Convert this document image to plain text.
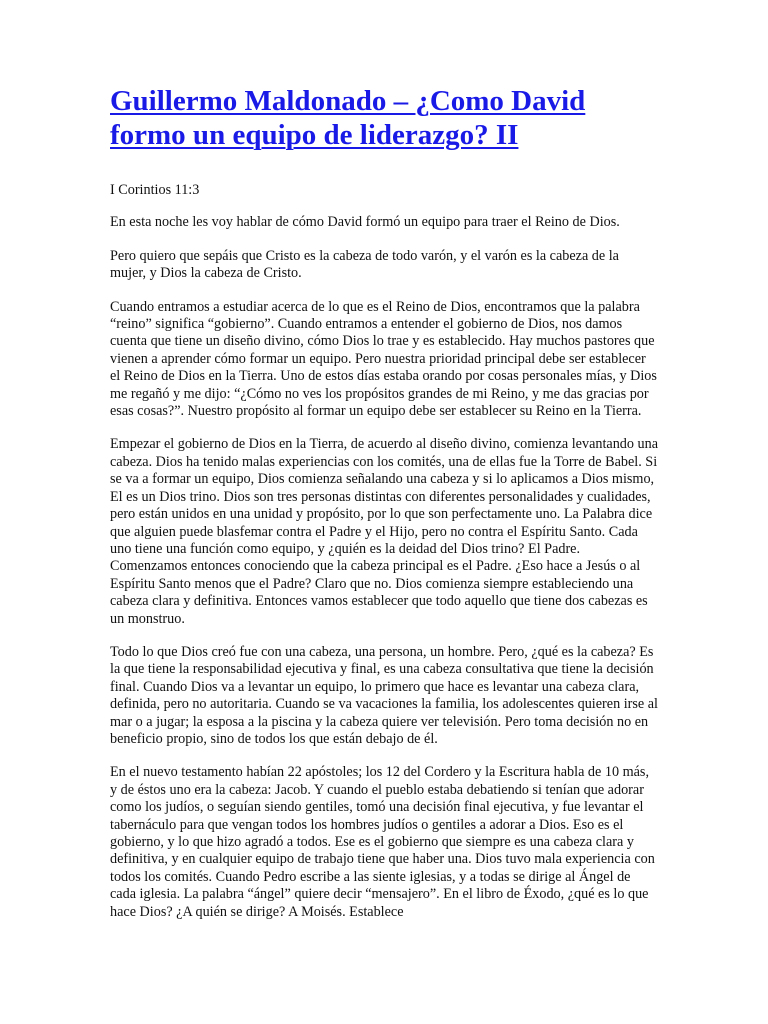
Guillermo Maldonado – ¿Como David formo un equipo de liderazgo? II

I Corintios 11:3

En esta noche les voy hablar de cómo David formó un equipo para traer el Reino de Dios.

Pero quiero que sepáis que Cristo es la cabeza de todo varón, y el varón es la cabeza de la mujer, y Dios la cabeza de Cristo.

Cuando entramos a estudiar acerca de lo que es el Reino de Dios, encontramos que la palabra “reino” significa “gobierno”. Cuando entramos a entender el gobierno de Dios, nos damos cuenta que tiene un diseño divino, cómo Dios lo trae y es establecido. Hay muchos pastores que vienen a aprender cómo formar un equipo. Pero nuestra prioridad principal debe ser establecer el Reino de Dios en la Tierra. Uno de estos días estaba orando por cosas personales mías, y Dios me regañó y me dijo: “¿Cómo no ves los propósitos grandes de mi Reino, y me das gracias por esas cosas?”. Nuestro propósito al formar un equipo debe ser establecer su Reino en la Tierra.

Empezar el gobierno de Dios en la Tierra, de acuerdo al diseño divino, comienza levantando una cabeza. Dios ha tenido malas experiencias con los comités, una de ellas fue la Torre de Babel. Si se va a formar un equipo, Dios comienza señalando una cabeza y si lo aplicamos a Dios mismo, El es un Dios trino. Dios son tres personas distintas con diferentes personalidades y cualidades, pero están unidos en una unidad y propósito, por lo que son perfectamente uno. La Palabra dice que alguien puede blasfemar contra el Padre y el Hijo, pero no contra el Espíritu Santo. Cada uno tiene una función como equipo, y ¿quién es la deidad del Dios trino? El Padre. Comenzamos entonces conociendo que la cabeza principal es el Padre. ¿Eso hace a Jesús o al Espíritu Santo menos que el Padre? Claro que no. Dios comienza siempre estableciendo una cabeza clara y definitiva. Entonces vamos establecer que todo aquello que tiene dos cabezas es un monstruo.

Todo lo que Dios creó fue con una cabeza, una persona, un hombre. Pero, ¿qué es la cabeza? Es la que tiene la responsabilidad ejecutiva y final, es una cabeza consultativa que tiene la decisión final. Cuando Dios va a levantar un equipo, lo primero que hace es levantar una cabeza clara, definida, pero no autoritaria. Cuando se va vacaciones la familia, los adolescentes quieren irse al mar o a jugar; la esposa a la piscina y la cabeza quiere ver televisión. Pero toma decisión no en beneficio propio, sino de todos los que están debajo de él.

En el nuevo testamento habían 22 apóstoles; los 12 del Cordero y la Escritura habla de 10 más, y de éstos uno era la cabeza: Jacob. Y cuando el pueblo estaba debatiendo si tenían que adorar como los judíos, o seguían siendo gentiles, tomó una decisión final ejecutiva, y fue levantar el tabernáculo para que vengan todos los hombres judíos o gentiles a adorar a Dios. Eso es el gobierno, y lo que hizo agradó a todos. Ese es el gobierno que siempre es una cabeza clara y definitiva, y en cualquier equipo de trabajo tiene que haber una. Dios tuvo mala experiencia con todos los comités. Cuando Pedro escribe a las siente iglesias, y a todas se dirige al Ángel de cada iglesia. La palabra “ángel” quiere decir “mensajero”. En el libro de Éxodo, ¿qué es lo que hace Dios? ¿A quién se dirige? A Moisés. Establece
